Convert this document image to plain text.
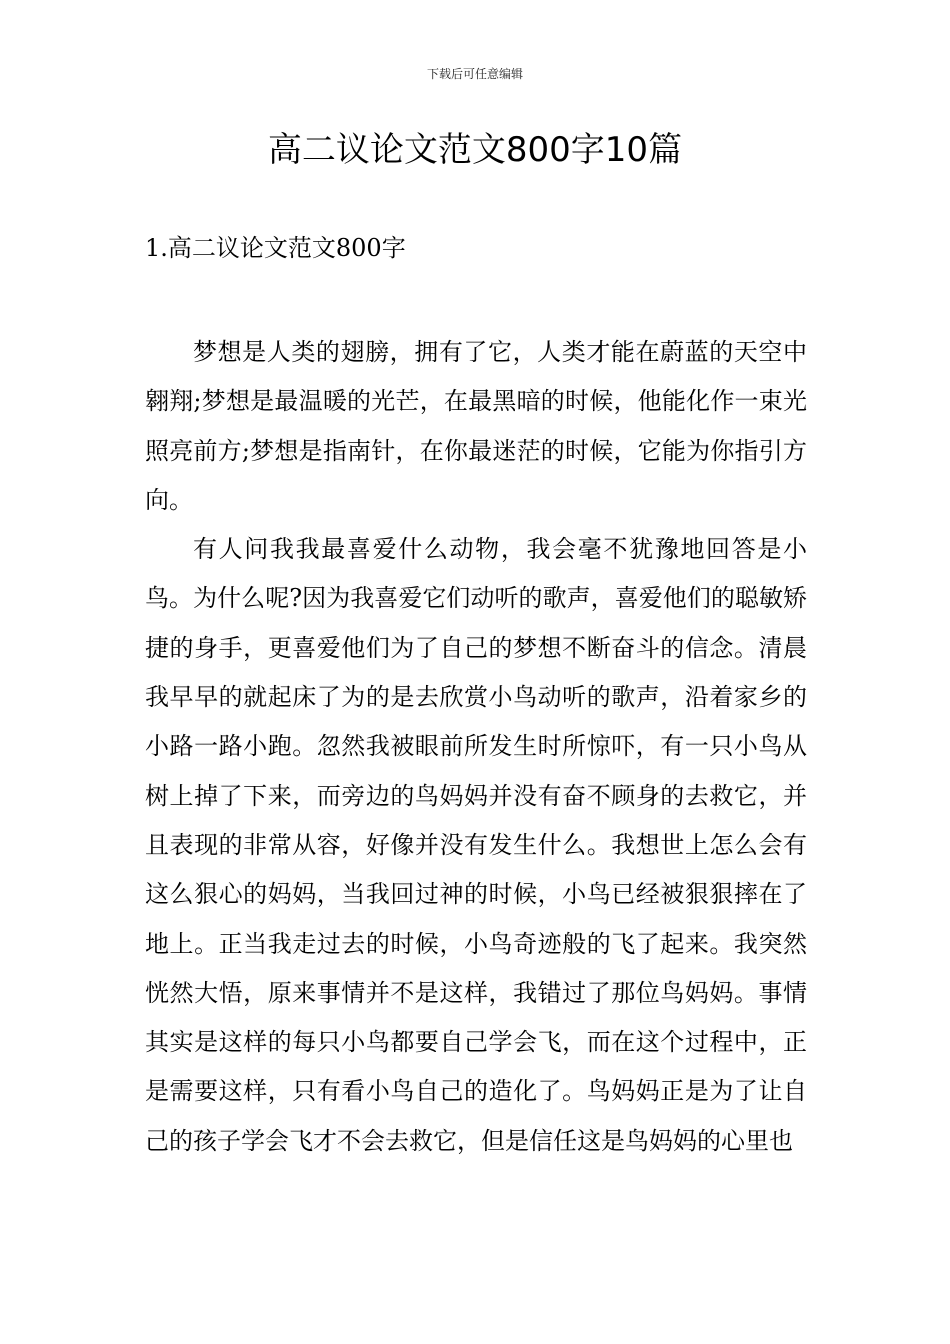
下载后可任意编辑
高二议论文范文800字10篇
1.高二议论文范文800字

梦想是人类的翅膀，拥有了它，人类才能在蔚蓝的天空中翱翔;梦想是最温暖的光芒，在最黑暗的时候，他能化作一束光照亮前方;梦想是指南针，在你最迷茫的时候，它能为你指引方向。

有人问我我最喜爱什么动物，我会毫不犹豫地回答是小鸟。为什么呢?因为我喜爱它们动听的歌声，喜爱他们的聪敏矫捷的身手，更喜爱他们为了自己的梦想不断奋斗的信念。清晨我早早的就起床了为的是去欣赏小鸟动听的歌声，沿着家乡的小路一路小跑。忽然我被眼前所发生时所惊吓，有一只小鸟从树上掉了下来，而旁边的鸟妈妈并没有奋不顾身的去救它，并且表现的非常从容，好像并没有发生什么。我想世上怎么会有这么狠心的妈妈，当我回过神的时候，小鸟已经被狠狠摔在了地上。正当我走过去的时候，小鸟奇迹般的飞了起来。我突然恍然大悟，原来事情并不是这样，我错过了那位鸟妈妈。事情其实是这样的每只小鸟都要自己学会飞，而在这个过程中，正是需要这样，只有看小鸟自己的造化了。鸟妈妈正是为了让自己的孩子学会飞才不会去救它，但是信任这是鸟妈妈的心里也
